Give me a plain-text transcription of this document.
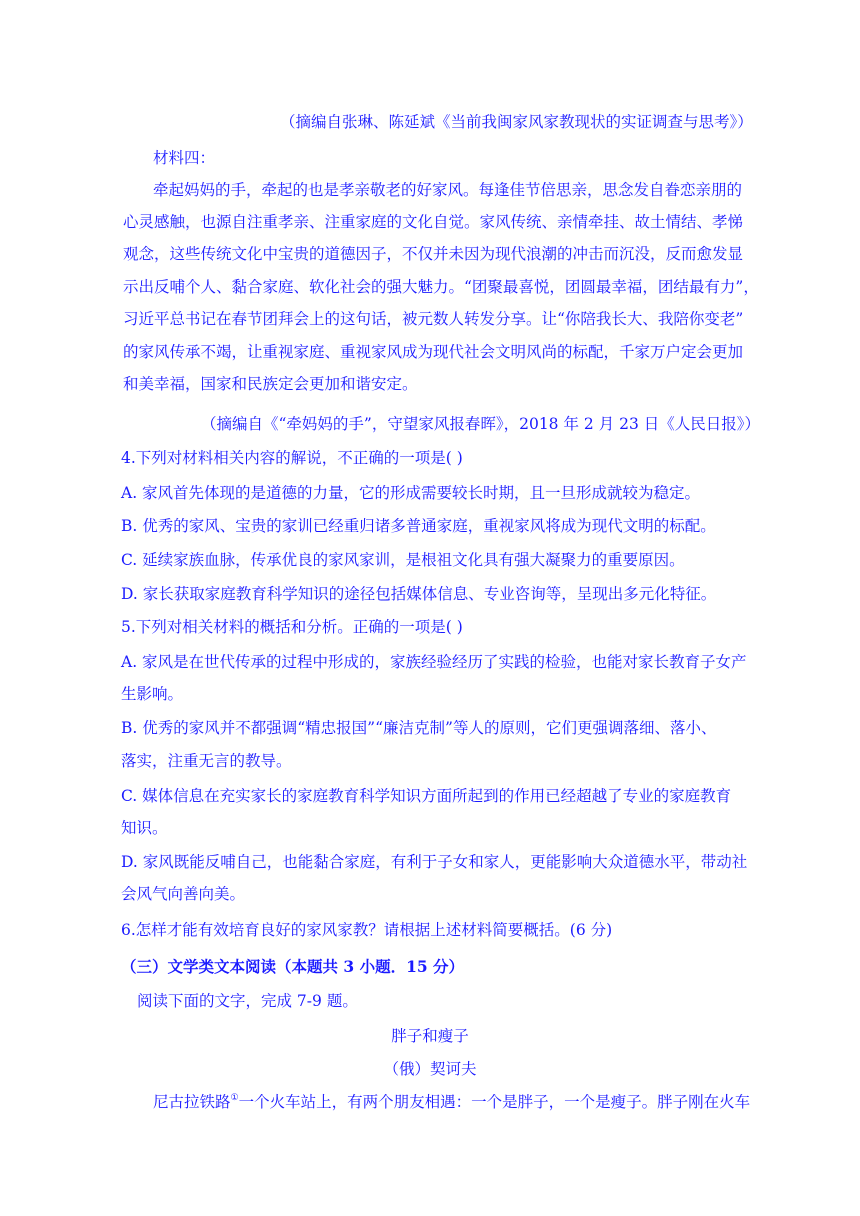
（摘编自张琳、陈延斌《当前我闽家风家教现状的实证调查与思考》）
材料四：
牵起妈妈的手，牵起的也是孝亲敬老的好家风。每逢佳节倍思亲，思念发自眷恋亲朋的
心灵感触，也源自注重孝亲、注重家庭的文化自觉。家风传统、亲情牵挂、故土情结、孝悌
观念，这些传统文化中宝贵的道德因子，不仅并未因为现代浪潮的冲击而沉没，反而愈发显
示出反哺个人、黏合家庭、软化社会的强大魅力。“团聚最喜悦，团圆最幸福，团结最有力”，
习近平总书记在春节团拜会上的这句话，被元数人转发分享。让“你陪我长大、我陪你变老”
的家风传承不竭，让重视家庭、重视家风成为现代社会文明风尚的标配，千家万户定会更加
和美幸福，国家和民族定会更加和谐安定。
（摘编自《“牵妈妈的手”，守望家风报春晖》，2018 年 2 月 23 日《人民日报》）
4.下列对材料相关内容的解说，不正确的一项是( )
A. 家风首先体现的是道德的力量，它的形成需要较长时期，且一旦形成就较为稳定。
B. 优秀的家风、宝贵的家训已经重归诸多普通家庭，重视家风将成为现代文明的标配。
C. 延续家族血脉，传承优良的家风家训，是根祖文化具有强大凝聚力的重要原因。
D. 家长获取家庭教育科学知识的途径包括媒体信息、专业咨询等，呈现出多元化特征。
5.下列对相关材料的概括和分析。正确的一项是( )
A. 家风是在世代传承的过程中形成的，家族经验经历了实践的检验，也能对家长教育子女产
生影响。
B. 优秀的家风并不都强调“精忠报国”“廉洁克制”等人的原则，它们更强调落细、落小、
落实，注重无言的教导。
C. 媒体信息在充实家长的家庭教育科学知识方面所起到的作用已经超越了专业的家庭教育
知识。
D. 家风既能反哺自己，也能黏合家庭，有利于子女和家人，更能影响大众道德水平，带动社
会风气向善向美。
6.怎样才能有效培育良好的家风家教？请根据上述材料简要概括。(6 分)
（三）文学类文本阅读（本题共 3 小题．15 分）
阅读下面的文字，完成 7-9 题。
胖子和瘦子
（俄）契诃夫
尼古拉铁路①一个火车站上，有两个朋友相遇：一个是胖子，一个是瘦子。胖子刚在火车
